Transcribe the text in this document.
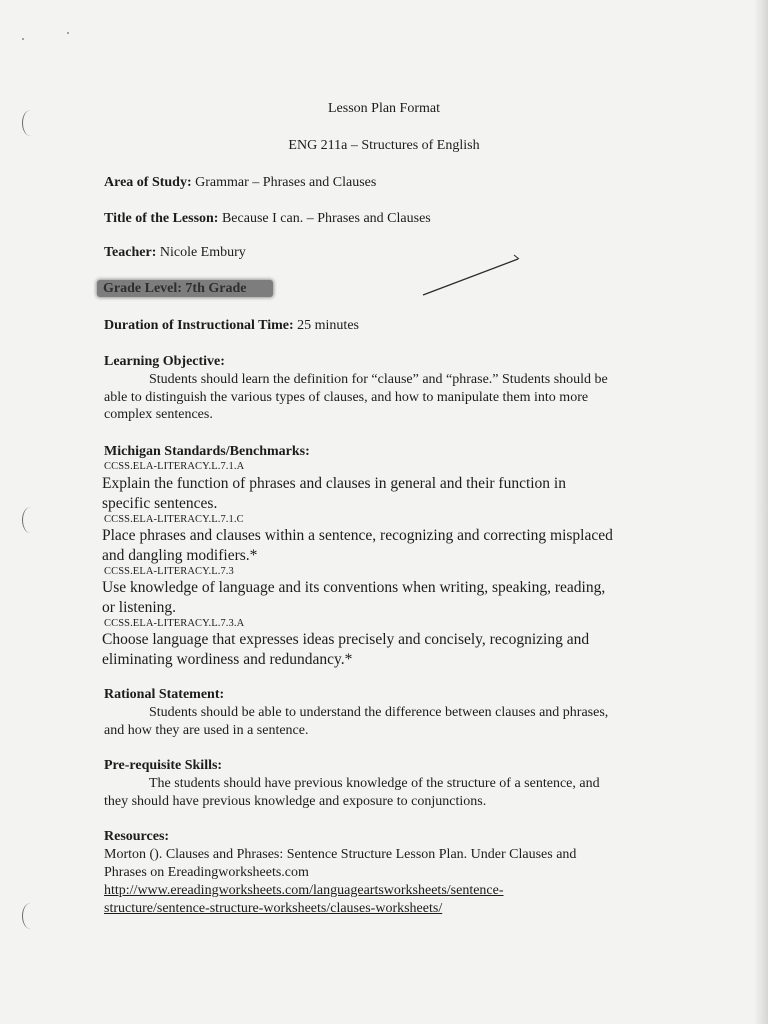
Lesson Plan Format
ENG 211a – Structures of English
Area of Study: Grammar – Phrases and Clauses
Title of the Lesson: Because I can. – Phrases and Clauses
Teacher: Nicole Embury
Grade Level: 7th Grade
Duration of Instructional Time: 25 minutes
Learning Objective:
Students should learn the definition for “clause” and “phrase.” Students should be
able to distinguish the various types of clauses, and how to manipulate them into more
complex sentences.
Michigan Standards/Benchmarks:
CCSS.ELA-LITERACY.L.7.1.A
Explain the function of phrases and clauses in general and their function in
specific sentences.
CCSS.ELA-LITERACY.L.7.1.C
Place phrases and clauses within a sentence, recognizing and correcting misplaced
and dangling modifiers.*
CCSS.ELA-LITERACY.L.7.3
Use knowledge of language and its conventions when writing, speaking, reading,
or listening.
CCSS.ELA-LITERACY.L.7.3.A
Choose language that expresses ideas precisely and concisely, recognizing and
eliminating wordiness and redundancy.*
Rational Statement:
Students should be able to understand the difference between clauses and phrases,
and how they are used in a sentence.
Pre-requisite Skills:
The students should have previous knowledge of the structure of a sentence, and
they should have previous knowledge and exposure to conjunctions.
Resources:
Morton (). Clauses and Phrases: Sentence Structure Lesson Plan. Under Clauses and
Phrases on Ereadingworksheets.com
http://www.ereadingworksheets.com/languageartsworksheets/sentence-
structure/sentence-structure-worksheets/clauses-worksheets/
